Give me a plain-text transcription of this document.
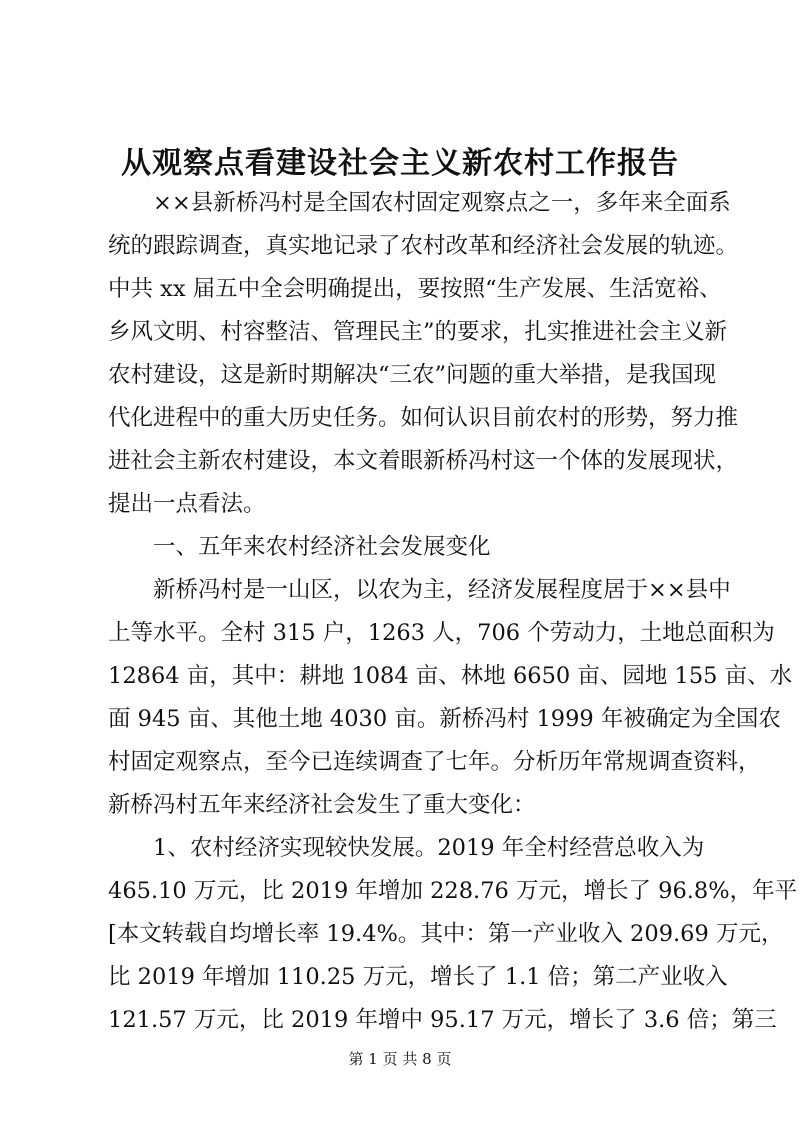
从观察点看建设社会主义新农村工作报告
　　××县新桥冯村是全国农村固定观察点之一，多年来全面系
统的跟踪调查，真实地记录了农村改革和经济社会发展的轨迹。
中共 xx 届五中全会明确提出，要按照“生产发展、生活宽裕、
乡风文明、村容整洁、管理民主”的要求，扎实推进社会主义新
农村建设，这是新时期解决“三农”问题的重大举措，是我国现
代化进程中的重大历史任务。如何认识目前农村的形势，努力推
进社会主新农村建设，本文着眼新桥冯村这一个体的发展现状，
提出一点看法。
　　一、五年来农村经济社会发展变化
　　新桥冯村是一山区，以农为主，经济发展程度居于××县中
上等水平。全村 315 户，1263 人，706 个劳动力，土地总面积为
12864 亩，其中：耕地 1084 亩、林地 6650 亩、园地 155 亩、水
面 945 亩、其他土地 4030 亩。新桥冯村 1999 年被确定为全国农
村固定观察点，至今已连续调查了七年。分析历年常规调查资料，
新桥冯村五年来经济社会发生了重大变化：
　　1、农村经济实现较快发展。2019 年全村经营总收入为
465.10 万元，比 2019 年增加 228.76 万元，增长了 96.8%，年平
[本文转载自均增长率 19.4%。其中：第一产业收入 209.69 万元，
比 2019 年增加 110.25 万元，增长了 1.1 倍；第二产业收入
121.57 万元，比 2019 年增中 95.17 万元，增长了 3.6 倍；第三
第 1 页 共 8 页
